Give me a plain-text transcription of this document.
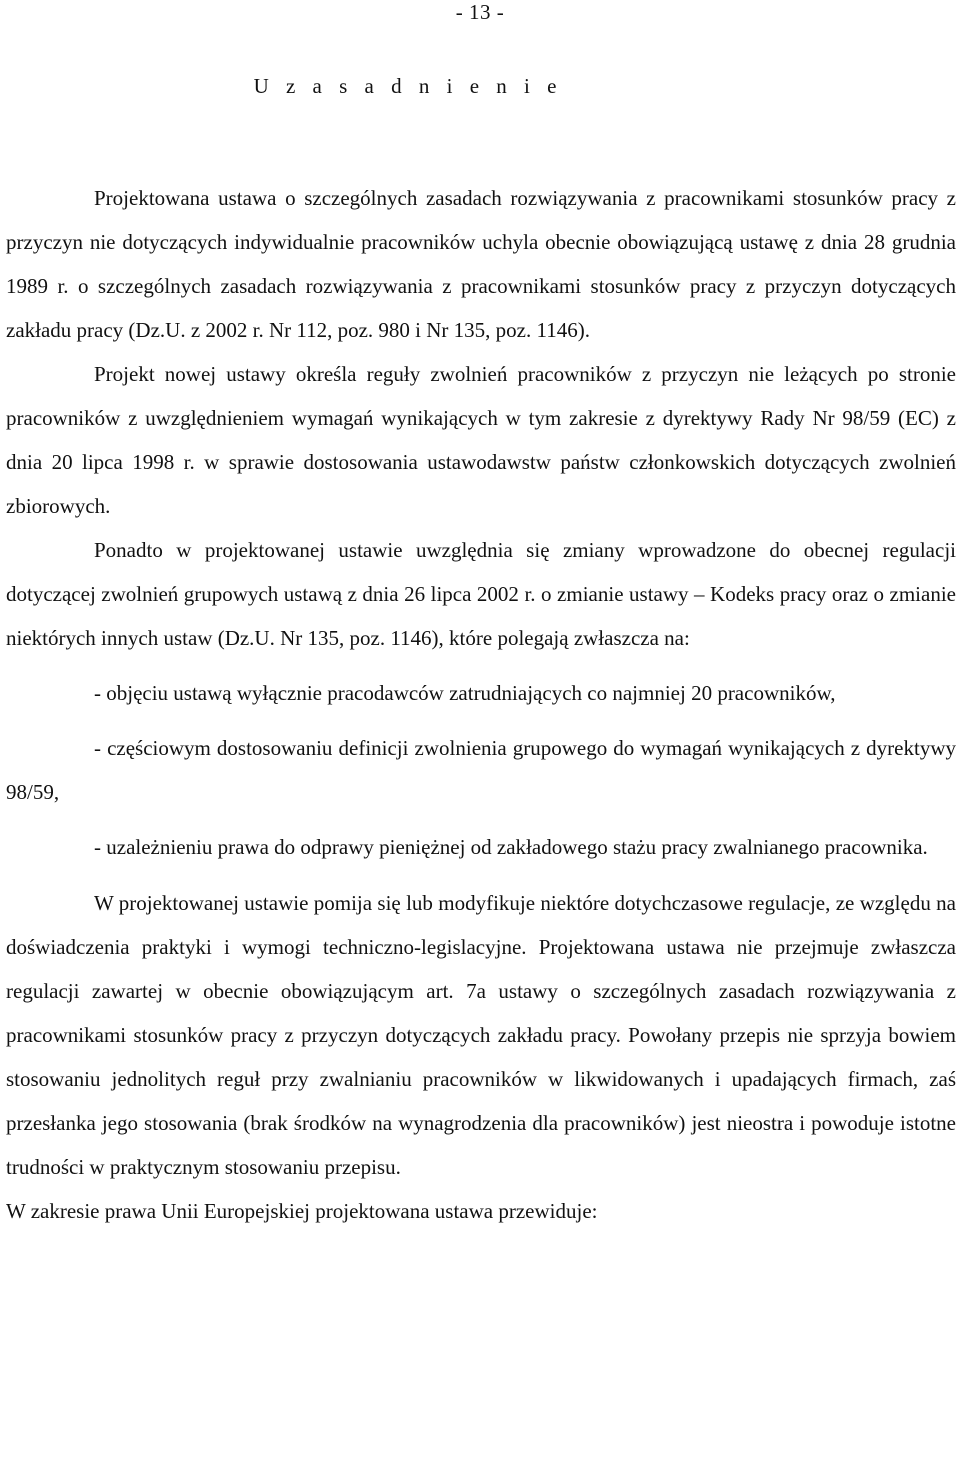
- 13 -
U z a s a d n i e n i e

Projektowana ustawa o szczególnych zasadach rozwiązywania z pracownikami stosunków pracy z przyczyn nie dotyczących indywidualnie pracowników uchyla obecnie obowiązującą ustawę z dnia 28 grudnia 1989 r. o szczególnych zasadach rozwiązywania z pracownikami stosunków pracy z przyczyn dotyczących zakładu pracy (Dz.U. z 2002 r. Nr 112, poz. 980 i Nr 135, poz. 1146).

Projekt nowej ustawy określa reguły zwolnień pracowników z przyczyn nie leżących po stronie pracowników z uwzględnieniem wymagań wynikających w tym zakresie z dyrektywy Rady Nr 98/59 (EC) z dnia 20 lipca 1998 r. w sprawie dostosowania ustawodawstw państw członkowskich dotyczących zwolnień zbiorowych.

Ponadto w projektowanej ustawie uwzględnia się zmiany wprowadzone do obecnej regulacji dotyczącej zwolnień grupowych ustawą z dnia 26 lipca 2002 r. o zmianie ustawy – Kodeks pracy oraz o zmianie niektórych innych ustaw (Dz.U. Nr 135, poz. 1146), które polegają zwłaszcza na:

- objęciu ustawą wyłącznie pracodawców zatrudniających co najmniej 20 pracowników,

- częściowym dostosowaniu definicji zwolnienia grupowego do wymagań wynikających z dyrektywy 98/59,

- uzależnieniu prawa do odprawy pieniężnej od zakładowego stażu pracy zwalnianego pracownika.

W projektowanej ustawie pomija się lub modyfikuje niektóre dotychczasowe regulacje, ze względu na doświadczenia praktyki i wymogi techniczno-legislacyjne. Projektowana ustawa nie przejmuje zwłaszcza regulacji zawartej w obecnie obowiązującym art. 7a ustawy o szczególnych zasadach rozwiązywania z pracownikami stosunków pracy z przyczyn dotyczących zakładu pracy. Powołany przepis nie sprzyja bowiem stosowaniu jednolitych reguł przy zwalnianiu pracowników w likwidowanych i upadających firmach, zaś przesłanka jego stosowania (brak środków na wynagrodzenia dla pracowników) jest nieostra i powoduje istotne trudności w praktycznym stosowaniu przepisu.

W zakresie prawa Unii Europejskiej projektowana ustawa przewiduje:
